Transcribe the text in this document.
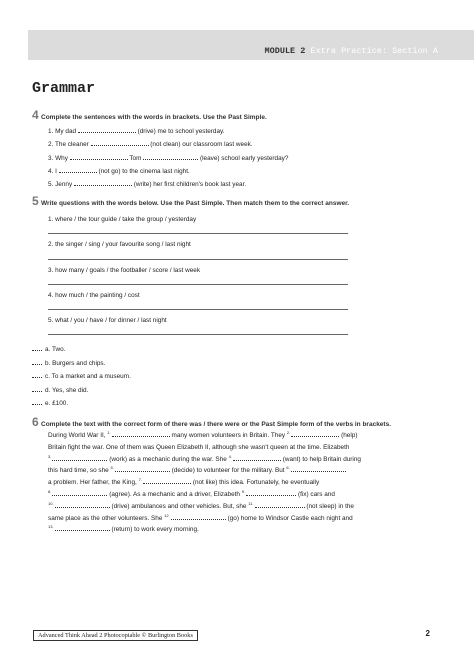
MODULE 2 Extra Practice: Section A
Grammar
4 Complete the sentences with the words in brackets. Use the Past Simple.
1. My dad	(drive) me to school yesterday.
2. The cleaner	(not clean) our classroom last week.
3. Why	Tom	(leave) school early yesterday?
4. I	(not go) to the cinema last night.
5. Jenny	(write) her first children's book last year.
5 Write questions with the words below. Use the Past Simple. Then match them to the correct answer.
1. where / the tour guide / take the group / yesterday
2. the singer / sing / your favourite song / last night
3. how many / goals / the footballer / score / last week
4. how much / the painting / cost
5. what / you / have / for dinner / last night
a. Two.
b. Burgers and chips.
c. To a market and a museum.
d. Yes, she did.
e. £100.
6 Complete the text with the correct form of there was / there were or the Past Simple form of the verbs in brackets.
During World War II, $^{1.}$	many women volunteers in Britain. They $^{2.}$	(help)
Britain fight the war. One of them was Queen Elizabeth II, although she wasn't queen at the time. Elizabeth
$^{3.}$	(work) as a mechanic during the war. She $^{4.}$	(want) to help Britain during
this hard time, so she $^{5.}$	(decide) to volunteer for the military. But $^{6.}$
a problem. Her father, the King, $^{7.}$	(not like) this idea. Fortunately, he eventually
$^{8.}$	(agree). As a mechanic and a driver, Elizabeth $^{9.}$	(fix) cars and
$^{10.}$	(drive) ambulances and other vehicles. But, she $^{11.}$	(not sleep) in the
same place as the other volunteers. She $^{12.}$	(go) home to Windsor Castle each night and
$^{13.}$	(return) to work every morning.
Advanced Think Ahead 2 Photocopiable © Burlington Books	2
